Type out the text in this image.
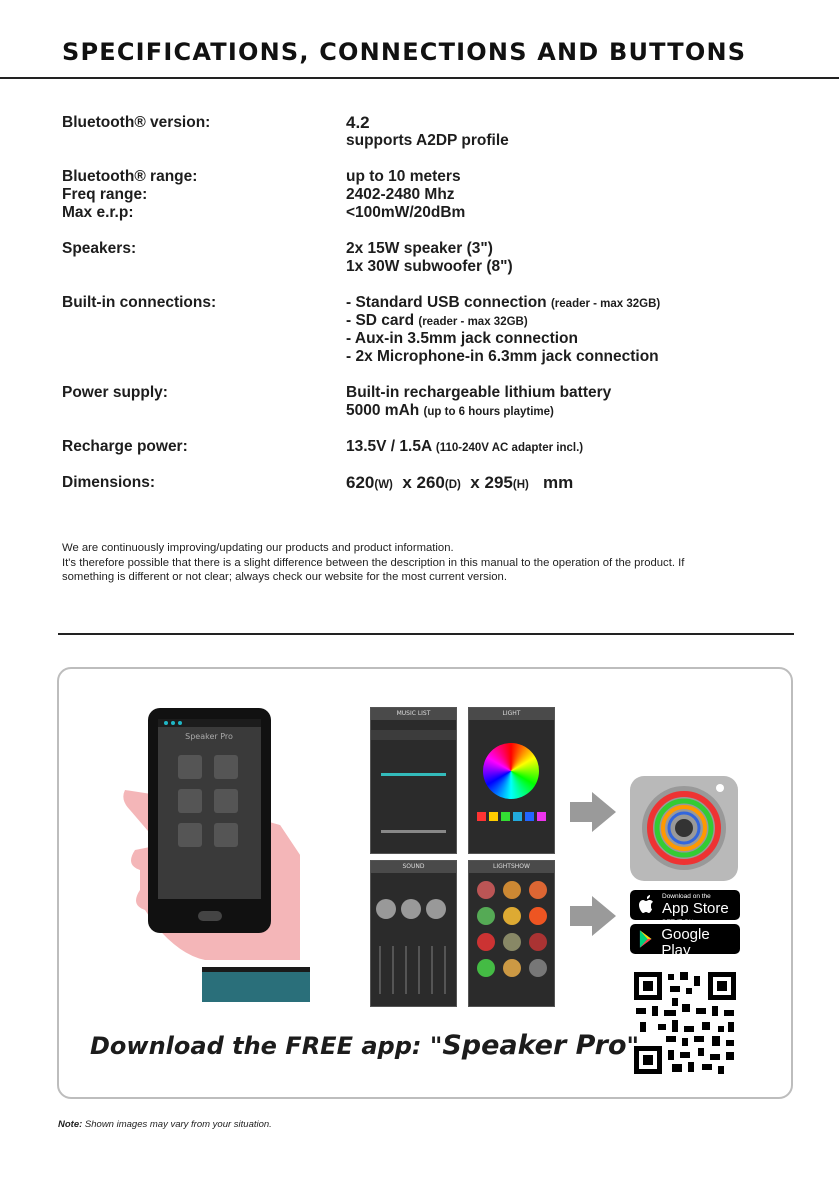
SPECIFICATIONS, CONNECTIONS AND BUTTONS
Bluetooth® version:	4.2
supports A2DP profile
Bluetooth® range:	up to 10 meters
Freq range:	2402-2480 Mhz
Max e.r.p:	<100mW/20dBm
Speakers:	2x 15W speaker (3")
1x 30W subwoofer (8")
Built-in connections:	- Standard USB connection (reader - max 32GB)
- SD card (reader - max 32GB)
- Aux-in 3.5mm jack connection
- 2x Microphone-in 6.3mm jack connection
Power supply:	Built-in rechargeable lithium battery
5000 mAh (up to 6 hours playtime)
Recharge power:	13.5V / 1.5A (110-240V AC adapter incl.)
Dimensions:	620(W)  x 260(D)  x 295(H) mm
We are continuously improving/updating our products and product information.
It's therefore possible that there is a slight difference between the description in this manual to the operation of the product. If
something is different or not clear; always check our website for the most current version.
Speaker Pro
MUSIC LIST	LIGHT
SOUND	LIGHTSHOW
Download on the
App Store
GET IT ON
Google Play
Download the FREE app: "Speaker Pro"
Note: Shown images may vary from your situation.
